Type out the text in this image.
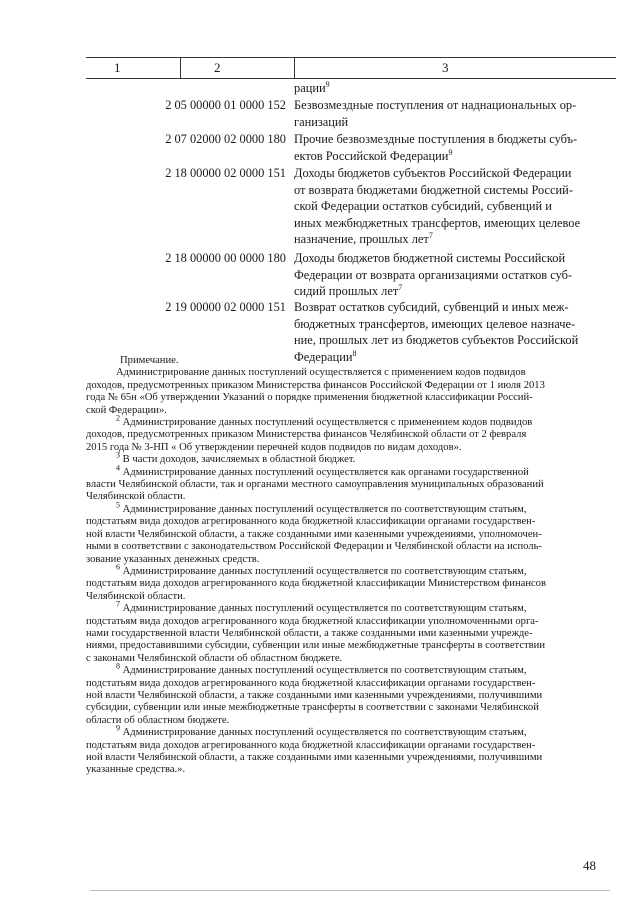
1	2	3
рации$^9$
2 05 00000 01 0000 152 Безвозмездные поступления от наднациональных ор-
ганизаций
2 07 02000 02 0000 180 Прочие безвозмездные поступления в бюджеты субъ-
ектов Российской Федерации$^9$
2 18 00000 02 0000 151 Доходы бюджетов субъектов Российской Федерации
от возврата бюджетами бюджетной системы Россий-
ской Федерации остатков субсидий, субвенций и
иных межбюджетных трансфертов, имеющих целевое
назначение, прошлых лет$^7$
2 18 00000 00 0000 180 Доходы бюджетов бюджетной системы Российской
Федерации от возврата организациями остатков суб-
сидий прошлых лет$^7$
2 19 00000 02 0000 151 Возврат остатков субсидий, субвенций и иных меж-
бюджетных трансфертов, имеющих целевое назначе-
ние, прошлых лет из бюджетов субъектов Российской
Федерации$^8$
Примечание.
Администрирование данных поступлений осуществляется с применением кодов подвидов
доходов, предусмотренных приказом Министерства финансов Российской Федерации от 1 июля 2013
года № 65н «Об утверждении Указаний о порядке применения бюджетной классификации Россий-
ской Федерации».
$^2$ Администрирование данных поступлений осуществляется с применением кодов подвидов
доходов, предусмотренных приказом Министерства финансов Челябинской области от 2 февраля
2015 года № 3-НП « Об утверждении перечней кодов подвидов по видам доходов».
$^3$ В части доходов, зачисляемых в областной бюджет.
$^4$ Администрирование данных поступлений осуществляется как органами государственной
власти Челябинской области, так и органами местного самоуправления муниципальных образований
Челябинской области.
$^5$ Администрирование данных поступлений осуществляется по соответствующим статьям,
подстатьям вида доходов агрегированного кода бюджетной классификации органами государствен-
ной власти Челябинской области, а также созданными ими казенными учреждениями, уполномочен-
ными в соответствии с законодательством Российской Федерации и Челябинской области на исполь-
зование указанных денежных средств.
$^6$ Администрирование данных поступлений осуществляется по соответствующим статьям,
подстатьям вида доходов агрегированного кода бюджетной классификации Министерством финансов
Челябинской области.
$^7$ Администрирование данных поступлений осуществляется по соответствующим статьям,
подстатьям вида доходов агрегированного кода бюджетной классификации уполномоченными орга-
нами государственной власти Челябинской области, а также созданными ими казенными учрежде-
ниями, предоставившими субсидии, субвенции или иные межбюджетные трансферты в соответствии
с законами Челябинской области об областном бюджете.
$^8$ Администрирование данных поступлений осуществляется по соответствующим статьям,
подстатьям вида доходов агрегированного кода бюджетной классификации органами государствен-
ной власти Челябинской области, а также созданными ими казенными учреждениями, получившими
субсидии, субвенции или иные межбюджетные трансферты в соответствии с законами Челябинской
области об областном бюджете.
$^9$ Администрирование данных поступлений осуществляется по соответствующим статьям,
подстатьям вида доходов агрегированного кода бюджетной классификации органами государствен-
ной власти Челябинской области, а также созданными ими казенными учреждениями, получившими
указанные средства.».
48
